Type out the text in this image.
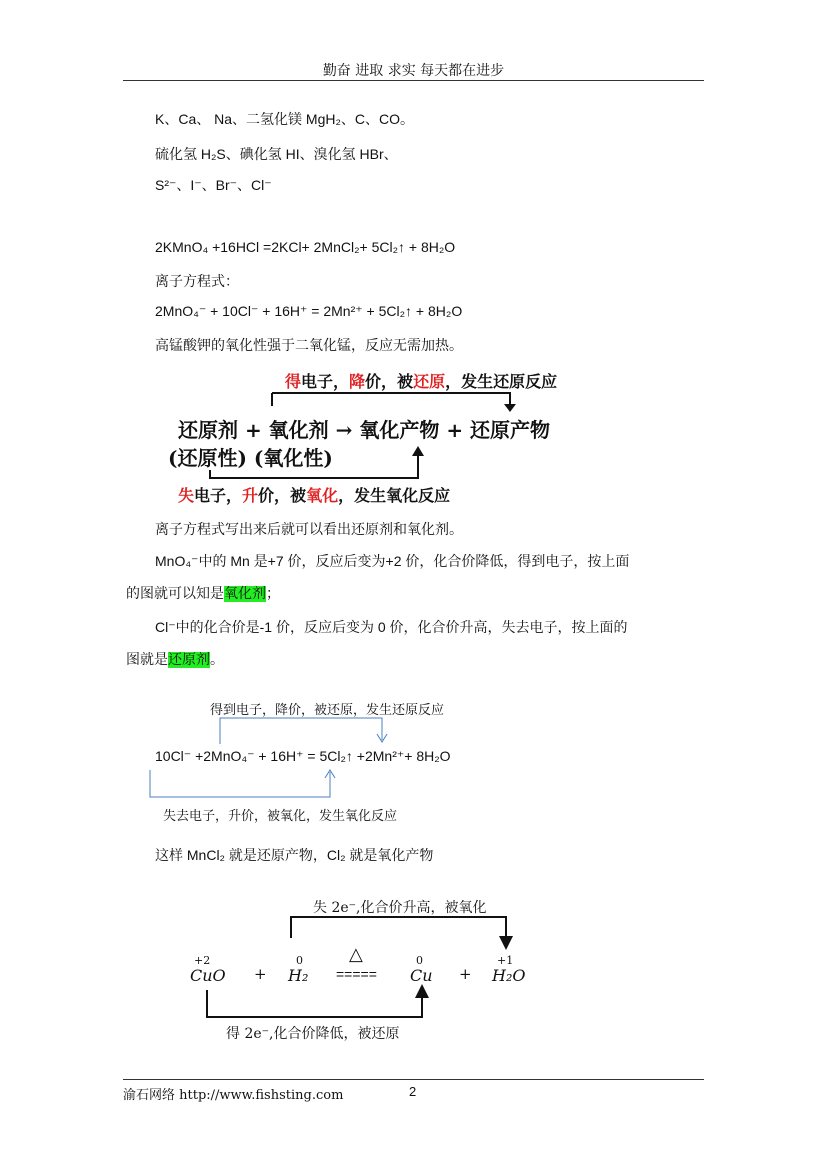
勤奋 进取 求实 每天都在进步
K、Ca、 Na、二氢化镁 MgH₂、C、CO。
硫化氢 H₂S、碘化氢 HI、溴化氢 HBr、
S²⁻、I⁻、Br⁻、Cl⁻
2KMnO₄ +16HCl =2KCl+ 2MnCl₂+ 5Cl₂↑ + 8H₂O
离子方程式：
2MnO₄⁻ + 10Cl⁻ + 16H⁺ = 2Mn²⁺ + 5Cl₂↑ + 8H₂O
高锰酸钾的氧化性强于二氧化锰，反应无需加热。
得电子，降价，被还原，发生还原反应
还原剂 + 氧化剂 → 氧化产物 + 还原产物
(还原性) (氧化性)
失电子，升价，被氧化，发生氧化反应
离子方程式写出来后就可以看出还原剂和氧化剂。
MnO₄⁻中的 Mn 是+7 价，反应后变为+2 价，化合价降低，得到电子，按上面
的图就可以知是氧化剂；
Cl⁻中的化合价是-1 价，反应后变为 0 价，化合价升高，失去电子，按上面的
图就是还原剂。
得到电子，降价，被还原，发生还原反应
10Cl⁻ +2MnO₄⁻ + 16H⁺ = 5Cl₂↑ +2Mn²⁺+ 8H₂O
失去电子，升价，被氧化，发生氧化反应
这样 MnCl₂ 就是还原产物，Cl₂ 就是氧化产物
失 2e⁻,化合价升高，被氧化
+2
CuO +
0
H₂
△
=====
0
Cu +
+1
H₂O
得 2e⁻,化合价降低，被还原
渝石网络 http://www.fishsting.com	2
